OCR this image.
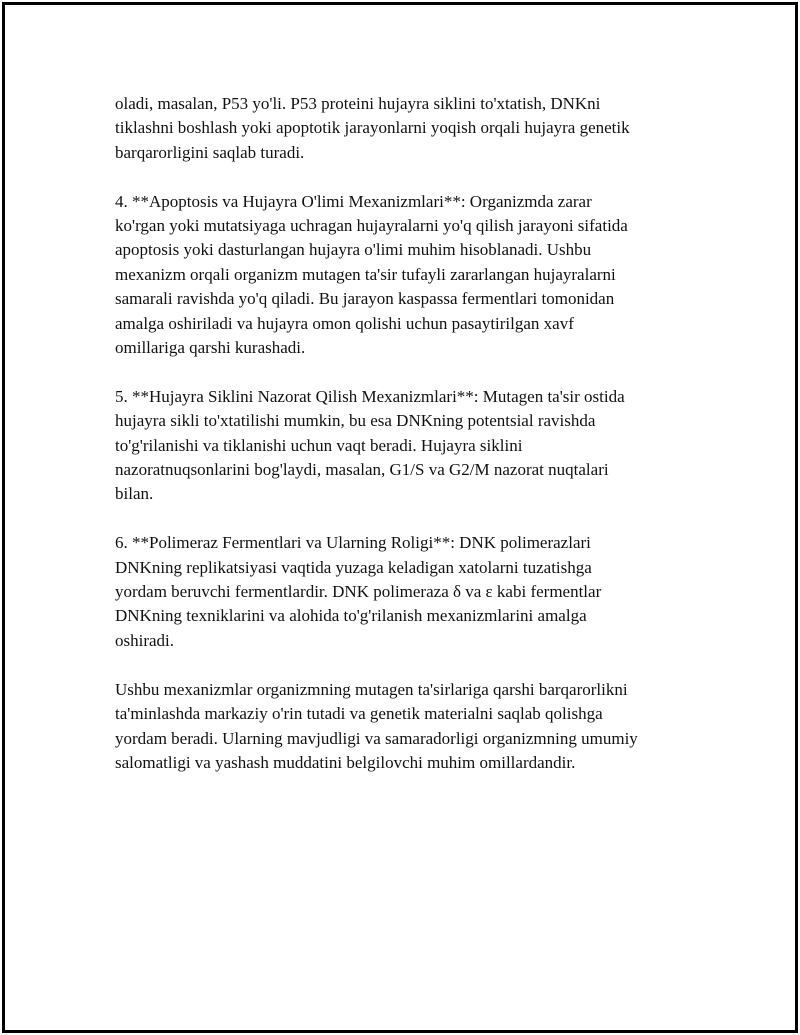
oladi, masalan, P53 yo'li. P53 proteini hujayra siklini to'xtatish, DNKni
tiklashni boshlash yoki apoptotik jarayonlarni yoqish orqali hujayra genetik
barqarorligini saqlab turadi.

4. **Apoptosis va Hujayra O'limi Mexanizmlari**: Organizmda zarar
ko'rgan yoki mutatsiyaga uchragan hujayralarni yo'q qilish jarayoni sifatida
apoptosis yoki dasturlangan hujayra o'limi muhim hisoblanadi. Ushbu
mexanizm orqali organizm mutagen ta'sir tufayli zararlangan hujayralarni
samarali ravishda yo'q qiladi. Bu jarayon kaspassa fermentlari tomonidan
amalga oshiriladi va hujayra omon qolishi uchun pasaytirilgan xavf
omillariga qarshi kurashadi.

5. **Hujayra Siklini Nazorat Qilish Mexanizmlari**: Mutagen ta'sir ostida
hujayra sikli to'xtatilishi mumkin, bu esa DNKning potentsial ravishda
to'g'rilanishi va tiklanishi uchun vaqt beradi. Hujayra siklini
nazoratnuqsonlarini bog'laydi, masalan, G1/S va G2/M nazorat nuqtalari
bilan.

6. **Polimeraz Fermentlari va Ularning Roligi**: DNK polimerazlari
DNKning replikatsiyasi vaqtida yuzaga keladigan xatolarni tuzatishga
yordam beruvchi fermentlardir. DNK polimeraza δ va ε kabi fermentlar
DNKning texniklarini va alohida to'g'rilanish mexanizmlarini amalga
oshiradi.

Ushbu mexanizmlar organizmning mutagen ta'sirlariga qarshi barqarorlikni
ta'minlashda markaziy o'rin tutadi va genetik materialni saqlab qolishga
yordam beradi. Ularning mavjudligi va samaradorligi organizmning umumiy
salomatligi va yashash muddatini belgilovchi muhim omillardandir.
